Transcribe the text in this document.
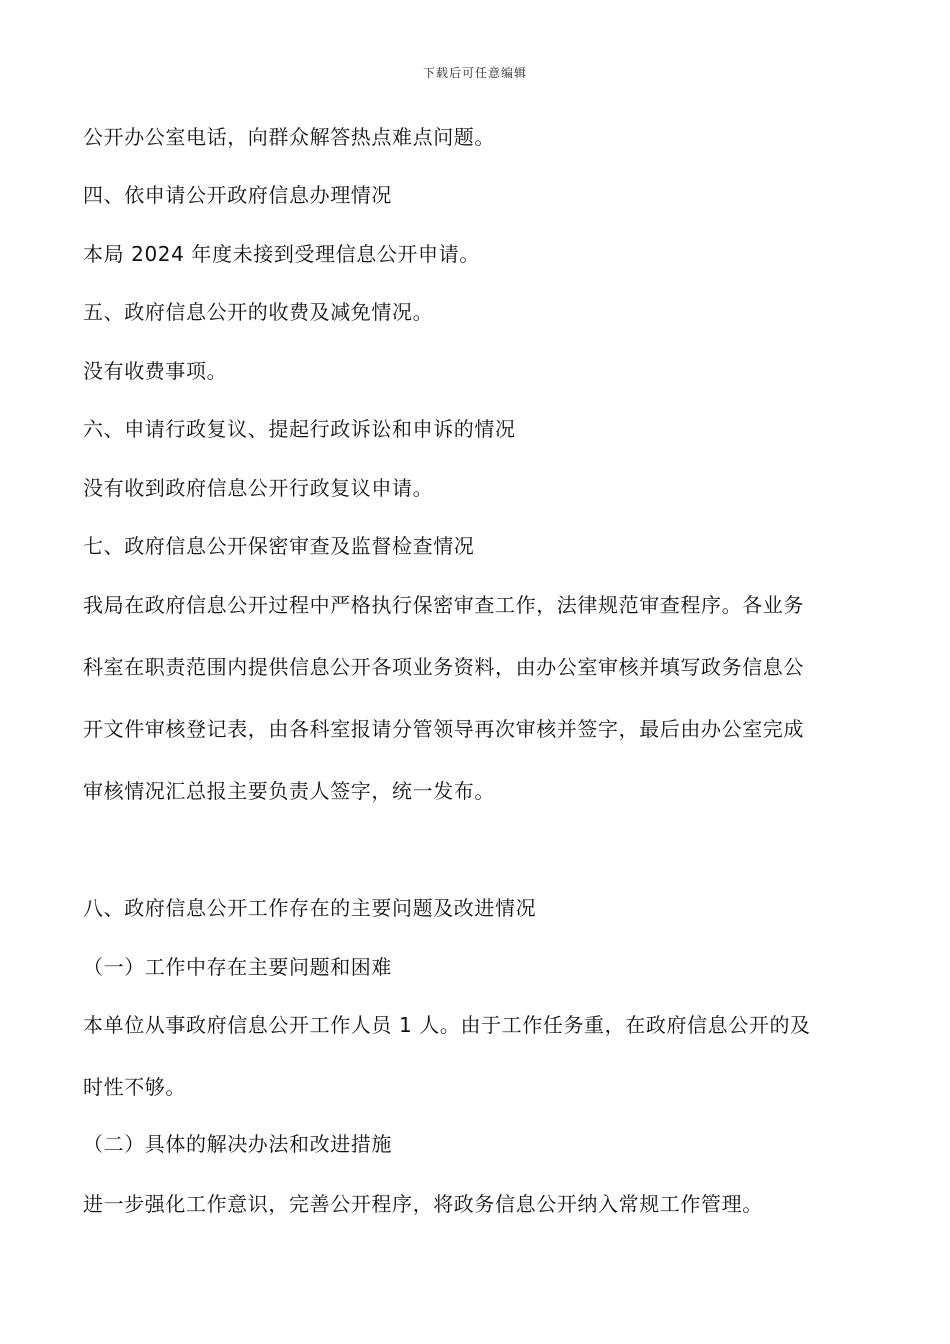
下载后可任意编辑
公开办公室电话，向群众解答热点难点问题。
四、依申请公开政府信息办理情况
本局 2024 年度未接到受理信息公开申请。
五、政府信息公开的收费及减免情况。
没有收费事项。
六、申请行政复议、提起行政诉讼和申诉的情况
没有收到政府信息公开行政复议申请。
七、政府信息公开保密审查及监督检查情况
我局在政府信息公开过程中严格执行保密审查工作，法律规范审查程序。各业务
科室在职责范围内提供信息公开各项业务资料，由办公室审核并填写政务信息公
开文件审核登记表，由各科室报请分管领导再次审核并签字，最后由办公室完成
审核情况汇总报主要负责人签字，统一发布。
八、政府信息公开工作存在的主要问题及改进情况
（一）工作中存在主要问题和困难
本单位从事政府信息公开工作人员 1 人。由于工作任务重，在政府信息公开的及
时性不够。
（二）具体的解决办法和改进措施
进一步强化工作意识，完善公开程序，将政务信息公开纳入常规工作管理。
